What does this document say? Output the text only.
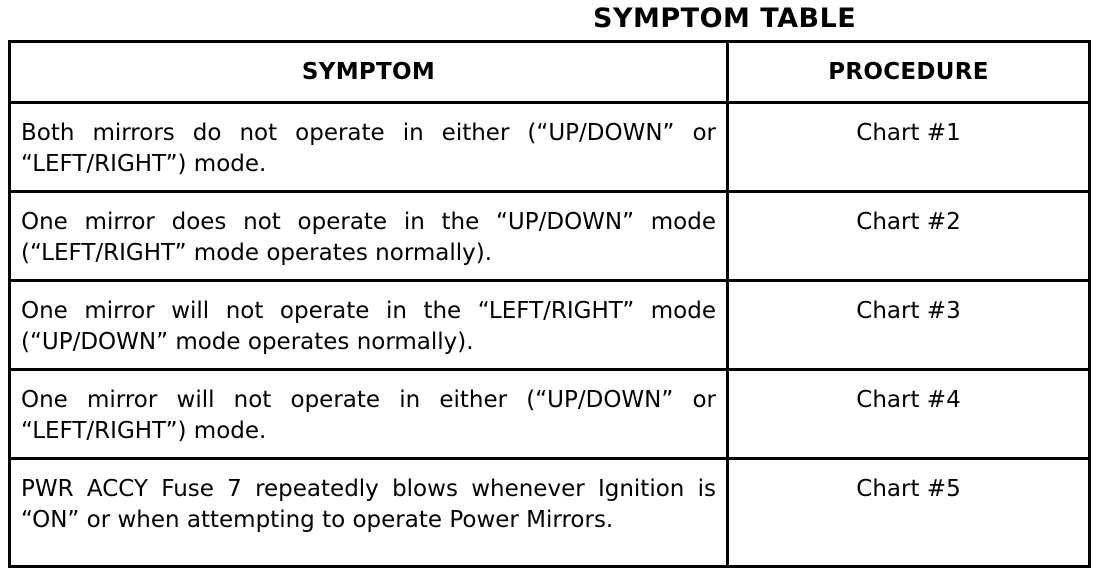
SYMPTOM TABLE
SYMPTOM	PROCEDURE
Both mirrors do not operate in either (“UP/DOWN” or “LEFT/RIGHT”) mode.	Chart #1
One mirror does not operate in the “UP/DOWN” mode (“LEFT/RIGHT” mode operates normally).	Chart #2
One mirror will not operate in the “LEFT/RIGHT” mode (“UP/DOWN” mode operates normally).	Chart #3
One mirror will not operate in either (“UP/DOWN” or “LEFT/RIGHT”) mode.	Chart #4
PWR ACCY Fuse 7 repeatedly blows whenever Ignition is “ON” or when attempting to operate Power Mirrors.	Chart #5
